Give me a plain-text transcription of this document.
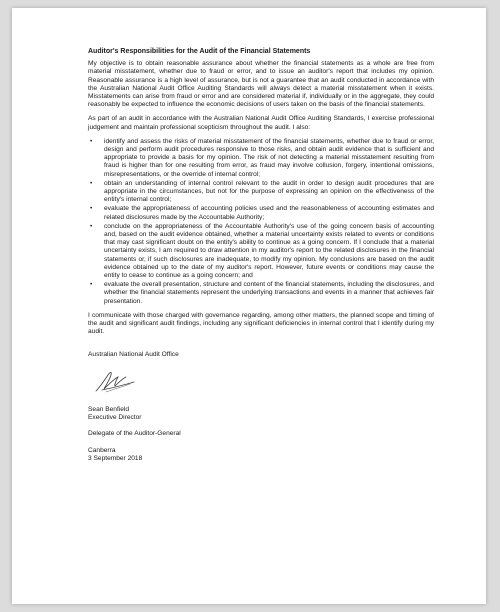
Auditor's Responsibilities for the Audit of the Financial Statements

My objective is to obtain reasonable assurance about whether the financial statements as a whole are free from material misstatement, whether due to fraud or error, and to issue an auditor's report that includes my opinion. Reasonable assurance is a high level of assurance, but is not a guarantee that an audit conducted in accordance with the Australian National Audit Office Auditing Standards will always detect a material misstatement when it exists. Misstatements can arise from fraud or error and are considered material if, individually or in the aggregate, they could reasonably be expected to influence the economic decisions of users taken on the basis of the financial statements.

As part of an audit in accordance with the Australian National Audit Office Auditing Standards, I exercise professional judgement and maintain professional scepticism throughout the audit. I also:

• identify and assess the risks of material misstatement of the financial statements, whether due to fraud or error, design and perform audit procedures responsive to those risks, and obtain audit evidence that is sufficient and appropriate to provide a basis for my opinion. The risk of not detecting a material misstatement resulting from fraud is higher than for one resulting from error, as fraud may involve collusion, forgery, intentional omissions, misrepresentations, or the override of internal control;
• obtain an understanding of internal control relevant to the audit in order to design audit procedures that are appropriate in the circumstances, but not for the purpose of expressing an opinion on the effectiveness of the entity's internal control;
• evaluate the appropriateness of accounting policies used and the reasonableness of accounting estimates and related disclosures made by the Accountable Authority;
• conclude on the appropriateness of the Accountable Authority's use of the going concern basis of accounting and, based on the audit evidence obtained, whether a material uncertainty exists related to events or conditions that may cast significant doubt on the entity's ability to continue as a going concern. If I conclude that a material uncertainty exists, I am required to draw attention in my auditor's report to the related disclosures in the financial statements or, if such disclosures are inadequate, to modify my opinion. My conclusions are based on the audit evidence obtained up to the date of my auditor's report. However, future events or conditions may cause the entity to cease to continue as a going concern; and
• evaluate the overall presentation, structure and content of the financial statements, including the disclosures, and whether the financial statements represent the underlying transactions and events in a manner that achieves fair presentation.

I communicate with those charged with governance regarding, among other matters, the planned scope and timing of the audit and significant audit findings, including any significant deficiencies in internal control that I identify during my audit.

Australian National Audit Office
Sean Benfield
Executive Director
Delegate of the Auditor-General
Canberra
3 September 2018
